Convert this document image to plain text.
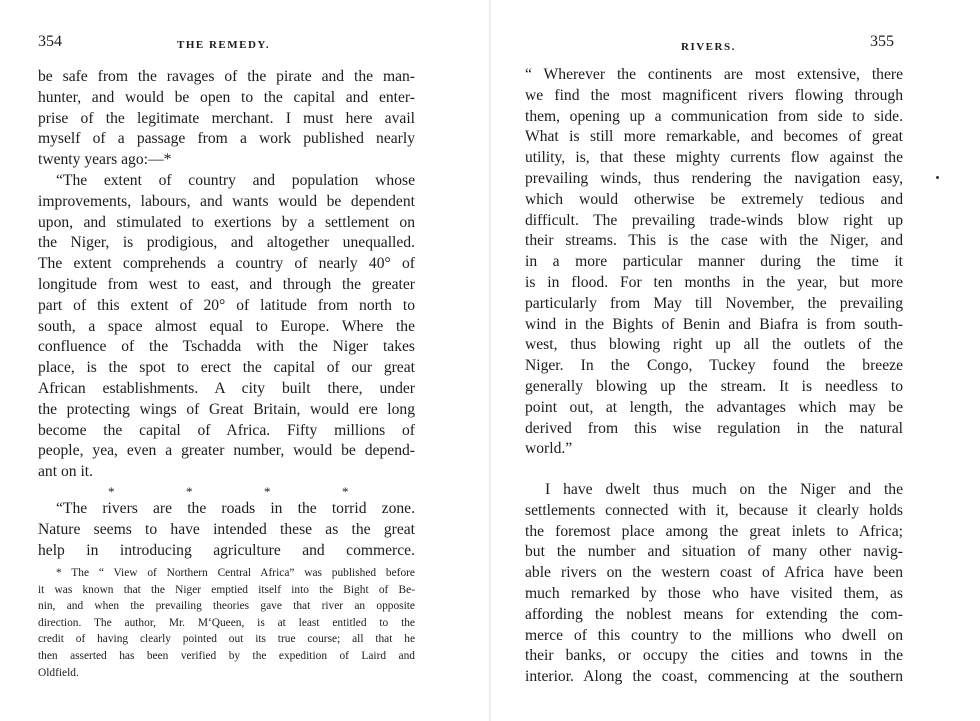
354	THE REMEDY.
be safe from the ravages of the pirate and the man-
hunter, and would be open to the capital and enter-
prise of the legitimate merchant. I must here avail
myself of a passage from a work published nearly
twenty years ago:—*
“The extent of country and population whose
improvements, labours, and wants would be dependent
upon, and stimulated to exertions by a settlement on
the Niger, is prodigious, and altogether unequalled.
The extent comprehends a country of nearly 40° of
longitude from west to east, and through the greater
part of this extent of 20° of latitude from north to
south, a space almost equal to Europe. Where the
confluence of the Tschadda with the Niger takes
place, is the spot to erect the capital of our great
African establishments. A city built there, under
the protecting wings of Great Britain, would ere long
become the capital of Africa. Fifty millions of
people, yea, even a greater number, would be depend-
ant on it.
*	*	*	*
“The rivers are the roads in the torrid zone.
Nature seems to have intended these as the great
help in introducing agriculture and commerce.
* The “ View of Northern Central Africa” was published before
it was known that the Niger emptied itself into the Bight of Be-
nin, and when the prevailing theories gave that river an opposite
direction. The author, Mr. M‘Queen, is at least entitled to the
credit of having clearly pointed out its true course; all that he
then asserted has been verified by the expedition of Laird and
Oldfield.
RIVERS.	355
“ Wherever the continents are most extensive, there
we find the most magnificent rivers flowing through
them, opening up a communication from side to side.
What is still more remarkable, and becomes of great
utility, is, that these mighty currents flow against the
prevailing winds, thus rendering the navigation easy,
which would otherwise be extremely tedious and
difficult. The prevailing trade-winds blow right up
their streams. This is the case with the Niger, and
in a more particular manner during the time it
is in flood. For ten months in the year, but more
particularly from May till November, the prevailing
wind in the Bights of Benin and Biafra is from south-
west, thus blowing right up all the outlets of the
Niger. In the Congo, Tuckey found the breeze
generally blowing up the stream. It is needless to
point out, at length, the advantages which may be
derived from this wise regulation in the natural
world.”
I have dwelt thus much on the Niger and the
settlements connected with it, because it clearly holds
the foremost place among the great inlets to Africa;
but the number and situation of many other navig-
able rivers on the western coast of Africa have been
much remarked by those who have visited them, as
affording the noblest means for extending the com-
merce of this country to the millions who dwell on
their banks, or occupy the cities and towns in the
interior. Along the coast, commencing at the southern
